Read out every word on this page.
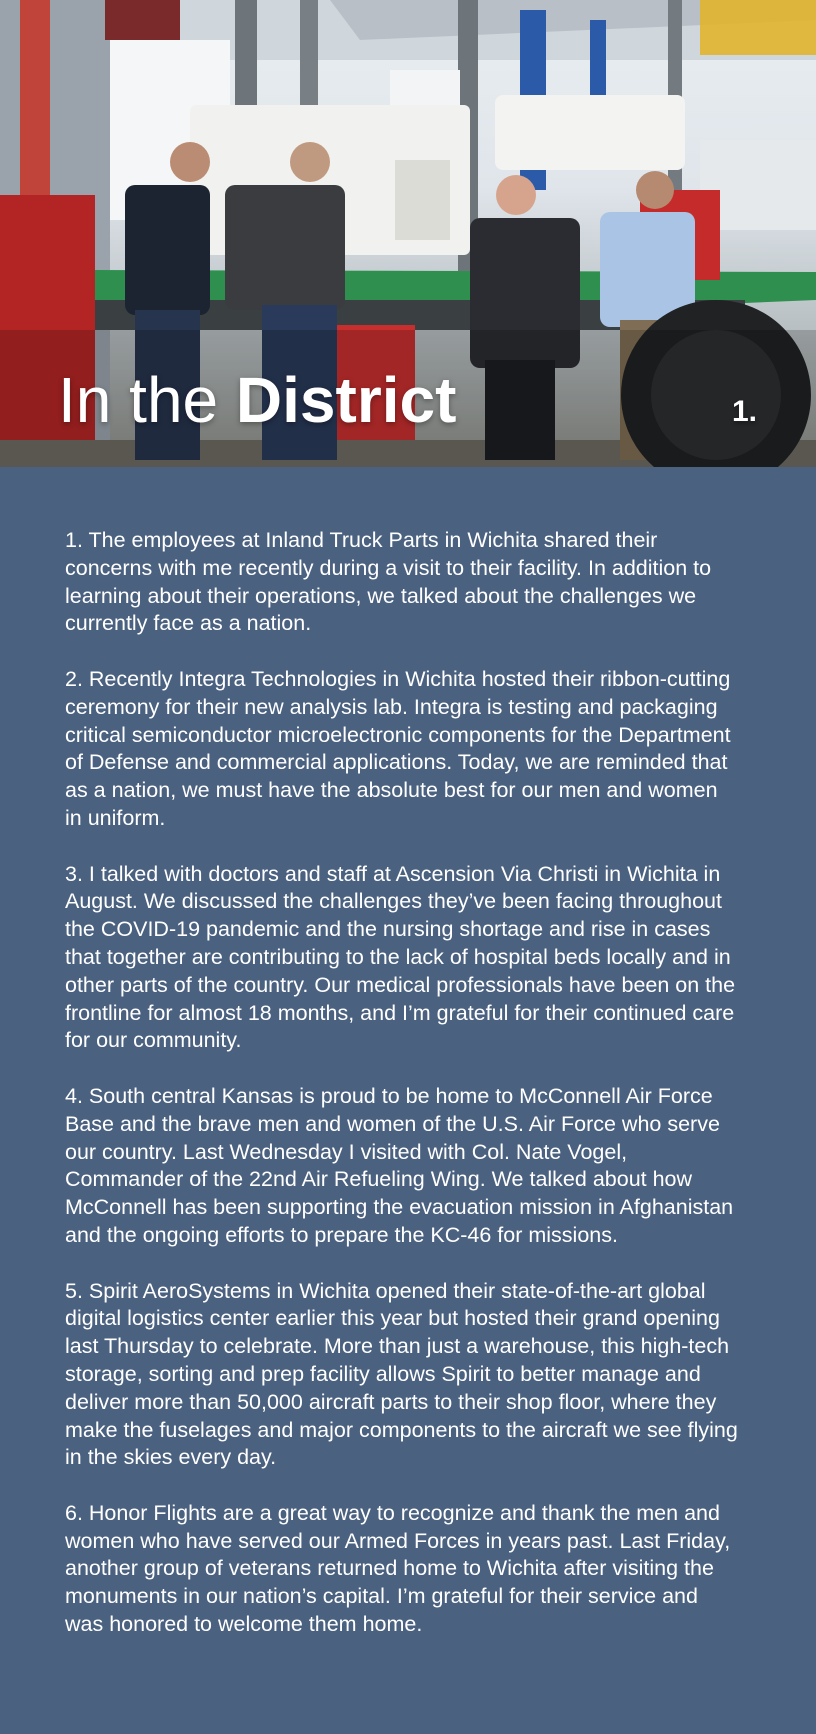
In the District	1.

1. The employees at Inland Truck Parts in Wichita shared their concerns with me recently during a visit to their facility. In addition to learning about their operations, we talked about the challenges we currently face as a nation.

2. Recently Integra Technologies in Wichita hosted their ribbon-cutting ceremony for their new analysis lab. Integra is testing and packaging critical semiconductor microelectronic components for the Department of Defense and commercial applications. Today, we are reminded that as a nation, we must have the absolute best for our men and women in uniform.

3. I talked with doctors and staff at Ascension Via Christi in Wichita in August. We discussed the challenges they’ve been facing throughout the COVID-19 pandemic and the nursing shortage and rise in cases that together are contributing to the lack of hospital beds locally and in other parts of the country. Our medical professionals have been on the frontline for almost 18 months, and I’m grateful for their continued care for our community.

4. South central Kansas is proud to be home to McConnell Air Force Base and the brave men and women of the U.S. Air Force who serve our country. Last Wednesday I visited with Col. Nate Vogel, Commander of the 22nd Air Refueling Wing. We talked about how McConnell has been supporting the evacuation mission in Afghanistan and the ongoing efforts to prepare the KC-46 for missions.

5. Spirit AeroSystems in Wichita opened their state-of-the-art global digital logistics center earlier this year but hosted their grand opening last Thursday to celebrate. More than just a warehouse, this high-tech storage, sorting and prep facility allows Spirit to better manage and deliver more than 50,000 aircraft parts to their shop floor, where they make the fuselages and major components to the aircraft we see flying in the skies every day.

6. Honor Flights are a great way to recognize and thank the men and women who have served our Armed Forces in years past. Last Friday, another group of veterans returned home to Wichita after visiting the monuments in our nation’s capital. I’m grateful for their service and was honored to welcome them home.
